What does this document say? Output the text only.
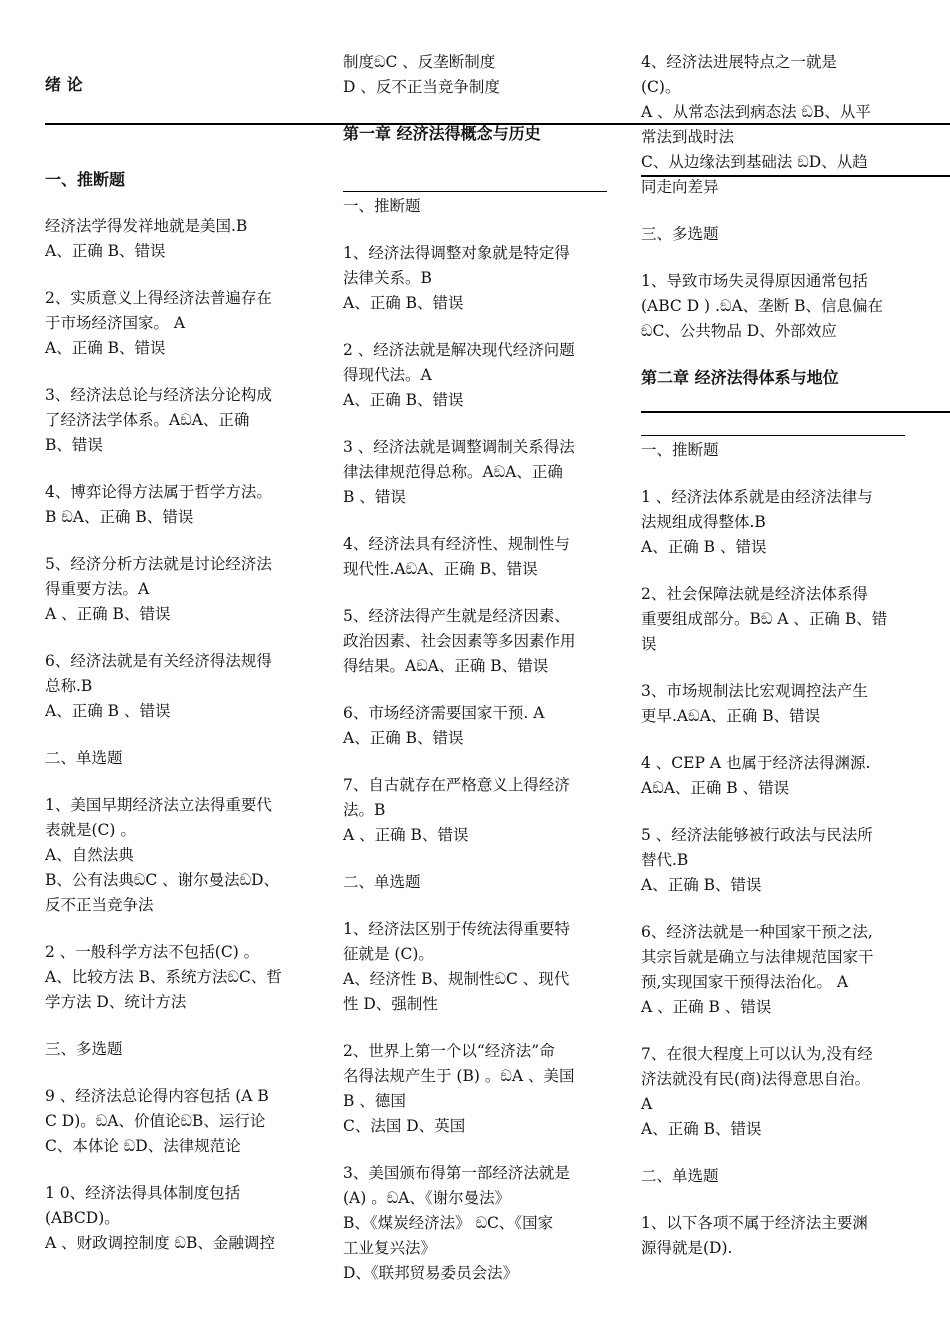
绪 论
一、推断题
经济法学得发祥地就是美国.B
A、正确 B、错误
2、实质意义上得经济法普遍存在
于市场经济国家。 A
A、正确 B、错误
3、经济法总论与经济法分论构成
了经济法学体系。AඞA、正确
B、错误
4、博弈论得方法属于哲学方法。
B ඞA、正确 B、错误
5、经济分析方法就是讨论经济法
得重要方法。A
A 、正确 B、错误
6、经济法就是有关经济得法规得
总称.B
A、正确 B 、错误
二、单选题
1、美国早期经济法立法得重要代
表就是(C) 。
A、自然法典
B、公有法典ඞC 、谢尔曼法ඞD、
反不正当竞争法
2 、一般科学方法不包括(C) 。
A、比较方法 B、系统方法ඞC、哲
学方法 D、统计方法
三、多选题
9 、经济法总论得内容包括 (A B
C D)。ඞA、价值论ඞB、运行论
C、本体论 ඞD、法律规范论
1 0、经济法得具体制度包括
(ABCD)。
A 、财政调控制度 ඞB、金融调控
制度ඞC 、反垄断制度
D 、反不正当竞争制度
第一章 经济法得概念与历史
一、推断题
1、经济法得调整对象就是特定得
法律关系。B
A、正确 B、错误
2 、经济法就是解决现代经济问题
得现代法。A
A、正确 B、错误
3 、经济法就是调整调制关系得法
律法律规范得总称。AඞA、正确
B 、错误
4、经济法具有经济性、规制性与
现代性.AඞA、正确 B、错误
5、经济法得产生就是经济因素、
政治因素、社会因素等多因素作用
得结果。AඞA、正确 B、错误
6、市场经济需要国家干预. A
A、正确 B、错误
7、自古就存在严格意义上得经济
法。B
A 、正确 B、错误
二、单选题
1、经济法区别于传统法得重要特
征就是 (C)。
A、经济性 B、规制性ඞC 、现代
性 D、强制性
2、世界上第一个以“经济法”命
名得法规产生于 (B) 。ඞA 、美国
B 、德国
C、法国 D、英国
3、美国颁布得第一部经济法就是
(A) 。ඞA、《谢尔曼法》
B、《煤炭经济法》 ඞC、《国家
工业复兴法》
D、《联邦贸易委员会法》
4、经济法进展特点之一就是
(C)。
A 、从常态法到病态法 ඞB、从平
常法到战时法
C、从边缘法到基础法 ඞD、从趋
同走向差异
三、多选题
1、导致市场失灵得原因通常包括
(ABC D ) .ඞA、垄断 B、信息偏在
ඞC、公共物品 D、外部效应
第二章 经济法得体系与地位
一、推断题
1 、经济法体系就是由经济法律与
法规组成得整体.B
A、正确 B 、错误
2、社会保障法就是经济法体系得
重要组成部分。Bඞ A 、正确 B、错
误
3、市场规制法比宏观调控法产生
更早.AඞA、正确 B、错误
4 、CEP A 也属于经济法得渊源.
AඞA、正确 B 、错误
5 、经济法能够被行政法与民法所
替代.B
A、正确 B、错误
6、经济法就是一种国家干预之法,
其宗旨就是确立与法律规范国家干
预,实现国家干预得法治化。 A
A 、正确 B 、错误
7、在很大程度上可以认为,没有经
济法就没有民(商)法得意思自治。
A
A、正确 B、错误
二、单选题
1、以下各项不属于经济法主要渊
源得就是(D).
